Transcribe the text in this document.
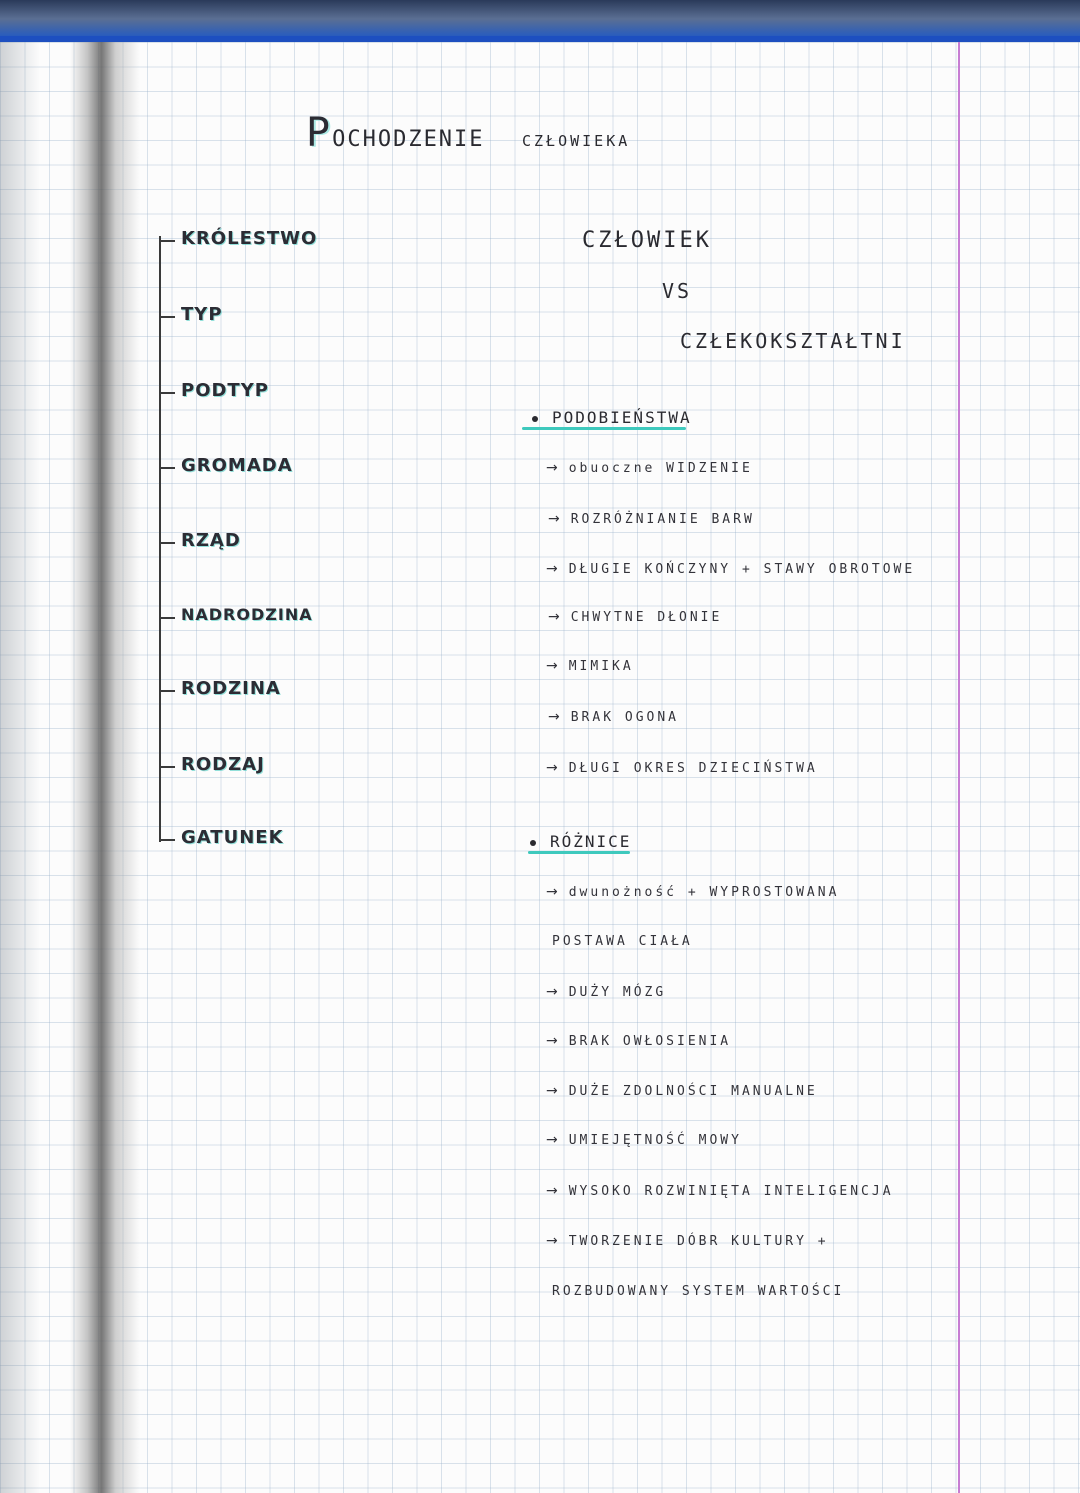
POCHODZENIE CZŁOWIEKA
KRÓLESTWO
TYP
PODTYP
GROMADA
RZĄD
NADRODZINA
RODZINA
RODZAJ
GATUNEK
CZŁOWIEK
VS
CZŁEKOKSZTAŁTNI
PODOBIEŃSTWA
→ obuoczne WIDZENIE
→ ROZRÓŻNIANIE BARW
→ DŁUGIE KOŃCZYNY + STAWY OBROTOWE
→ CHWYTNE DŁONIE
→ MIMIKA
→ BRAK OGONA
→ DŁUGI OKRES DZIECIŃSTWA
RÓŻNICE
→ dwunożność + WYPROSTOWANA
POSTAWA CIAŁA
→ DUŻY MÓZG
→ BRAK OWŁOSIENIA
→ DUŻE ZDOLNOŚCI MANUALNE
→ UMIEJĘTNOŚĆ MOWY
→ WYSOKO ROZWINIĘTA INTELIGENCJA
→ TWORZENIE DÓBR KULTURY +
ROZBUDOWANY SYSTEM WARTOŚCI
